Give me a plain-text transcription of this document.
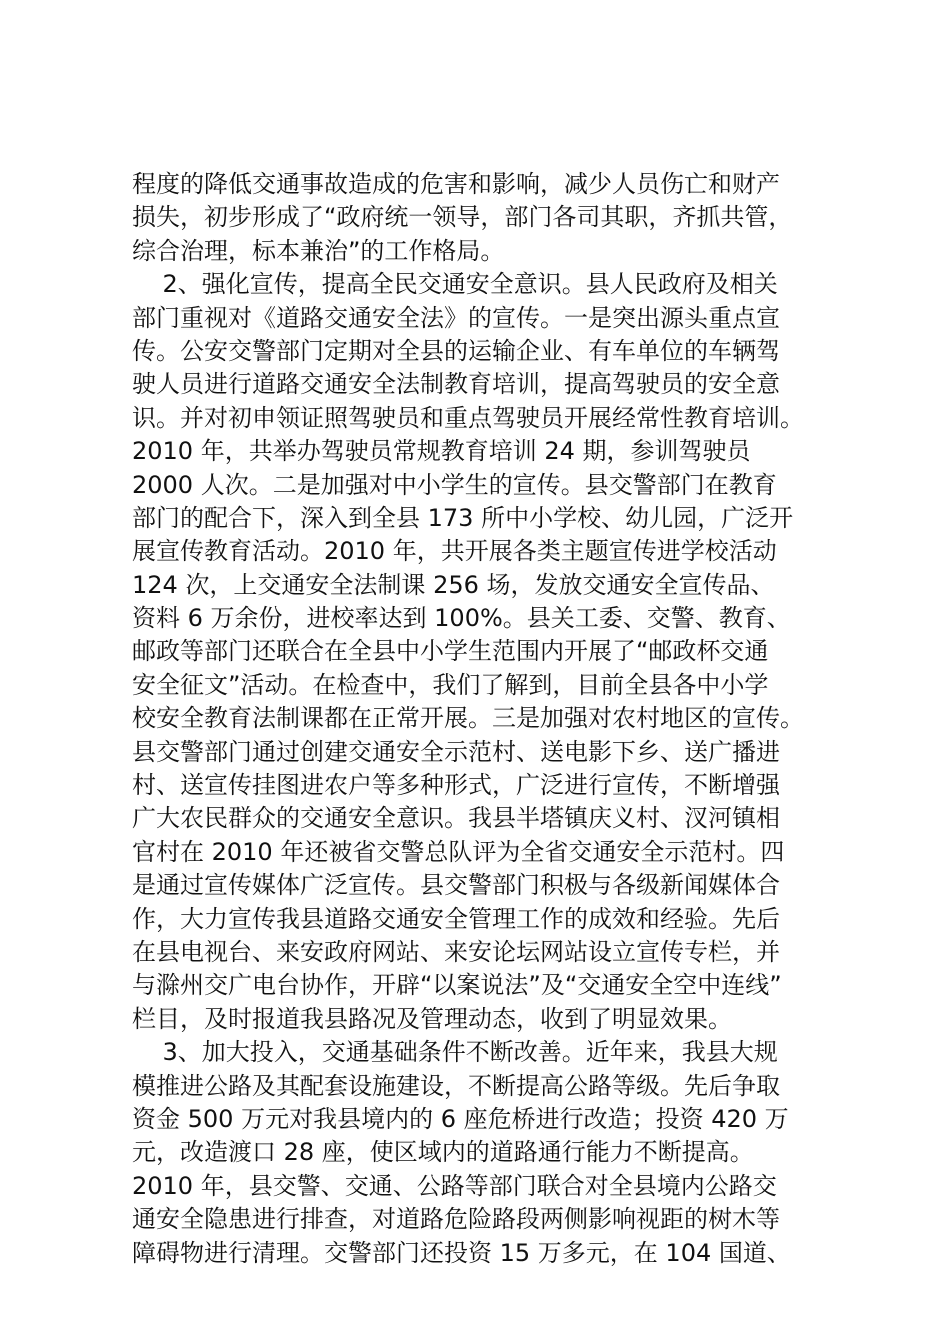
程度的降低交通事故造成的危害和影响，减少人员伤亡和财产
损失，初步形成了“政府统一领导，部门各司其职，齐抓共管，
综合治理，标本兼治”的工作格局。
2、强化宣传，提高全民交通安全意识。县人民政府及相关
部门重视对《道路交通安全法》的宣传。一是突出源头重点宣
传。公安交警部门定期对全县的运输企业、有车单位的车辆驾
驶人员进行道路交通安全法制教育培训，提高驾驶员的安全意
识。并对初申领证照驾驶员和重点驾驶员开展经常性教育培训。
2010 年，共举办驾驶员常规教育培训 24 期，参训驾驶员
2000 人次。二是加强对中小学生的宣传。县交警部门在教育
部门的配合下，深入到全县 173 所中小学校、幼儿园，广泛开
展宣传教育活动。2010 年，共开展各类主题宣传进学校活动
124 次，上交通安全法制课 256 场，发放交通安全宣传品、
资料 6 万余份，进校率达到 100%。县关工委、交警、教育、
邮政等部门还联合在全县中小学生范围内开展了“邮政杯交通
安全征文”活动。在检查中，我们了解到，目前全县各中小学
校安全教育法制课都在正常开展。三是加强对农村地区的宣传。
县交警部门通过创建交通安全示范村、送电影下乡、送广播进
村、送宣传挂图进农户等多种形式，广泛进行宣传，不断增强
广大农民群众的交通安全意识。我县半塔镇庆义村、汊河镇相
官村在 2010 年还被省交警总队评为全省交通安全示范村。四
是通过宣传媒体广泛宣传。县交警部门积极与各级新闻媒体合
作，大力宣传我县道路交通安全管理工作的成效和经验。先后
在县电视台、来安政府网站、来安论坛网站设立宣传专栏，并
与滁州交广电台协作，开辟“以案说法”及“交通安全空中连线”
栏目，及时报道我县路况及管理动态，收到了明显效果。
3、加大投入，交通基础条件不断改善。近年来，我县大规
模推进公路及其配套设施建设，不断提高公路等级。先后争取
资金 500 万元对我县境内的 6 座危桥进行改造；投资 420 万
元，改造渡口 28 座，使区域内的道路通行能力不断提高。
2010 年，县交警、交通、公路等部门联合对全县境内公路交
通安全隐患进行排查，对道路危险路段两侧影响视距的树木等
障碍物进行清理。交警部门还投资 15 万多元，在 104 国道、
